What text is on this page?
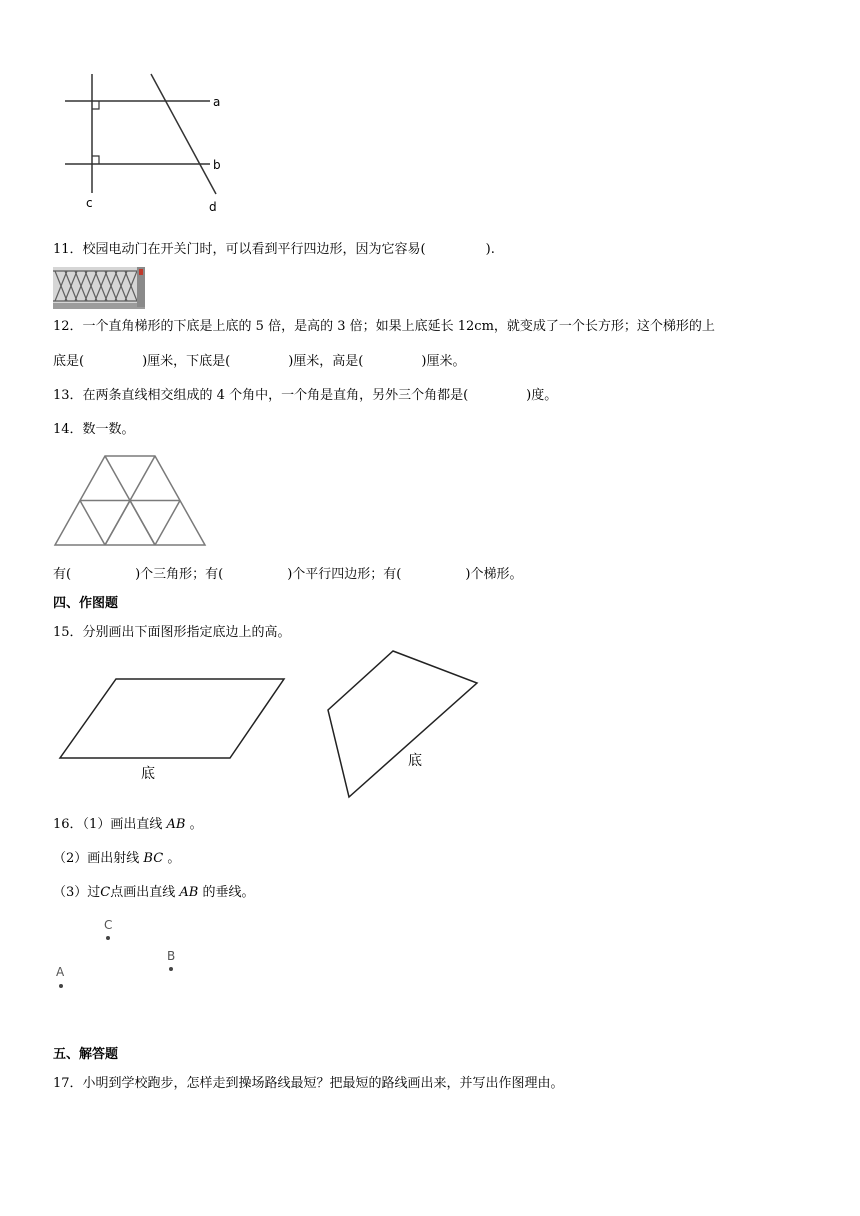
a
b
c	d
11．校园电动门在开关门时，可以看到平行四边形，因为它容易(	).
12．一个直角梯形的下底是上底的 5 倍，是高的 3 倍；如果上底延长 12cm，就变成了一个长方形；这个梯形的上
底是(	)厘米，下底是(	)厘米，高是(	)厘米。
13．在两条直线相交组成的 4 个角中，一个角是直角，另外三个角都是(	)度。
14．数一数。
有(	)个三角形；有(	)个平行四边形；有(	)个梯形。
四、作图题
15．分别画出下面图形指定底边上的高。
底
底
16．（1）画出直线 AB 。
（2）画出射线 BC 。
（3）过C点画出直线 AB 的垂线。
C
B
A
五、解答题
17．小明到学校跑步，怎样走到操场路线最短？把最短的路线画出来，并写出作图理由。
